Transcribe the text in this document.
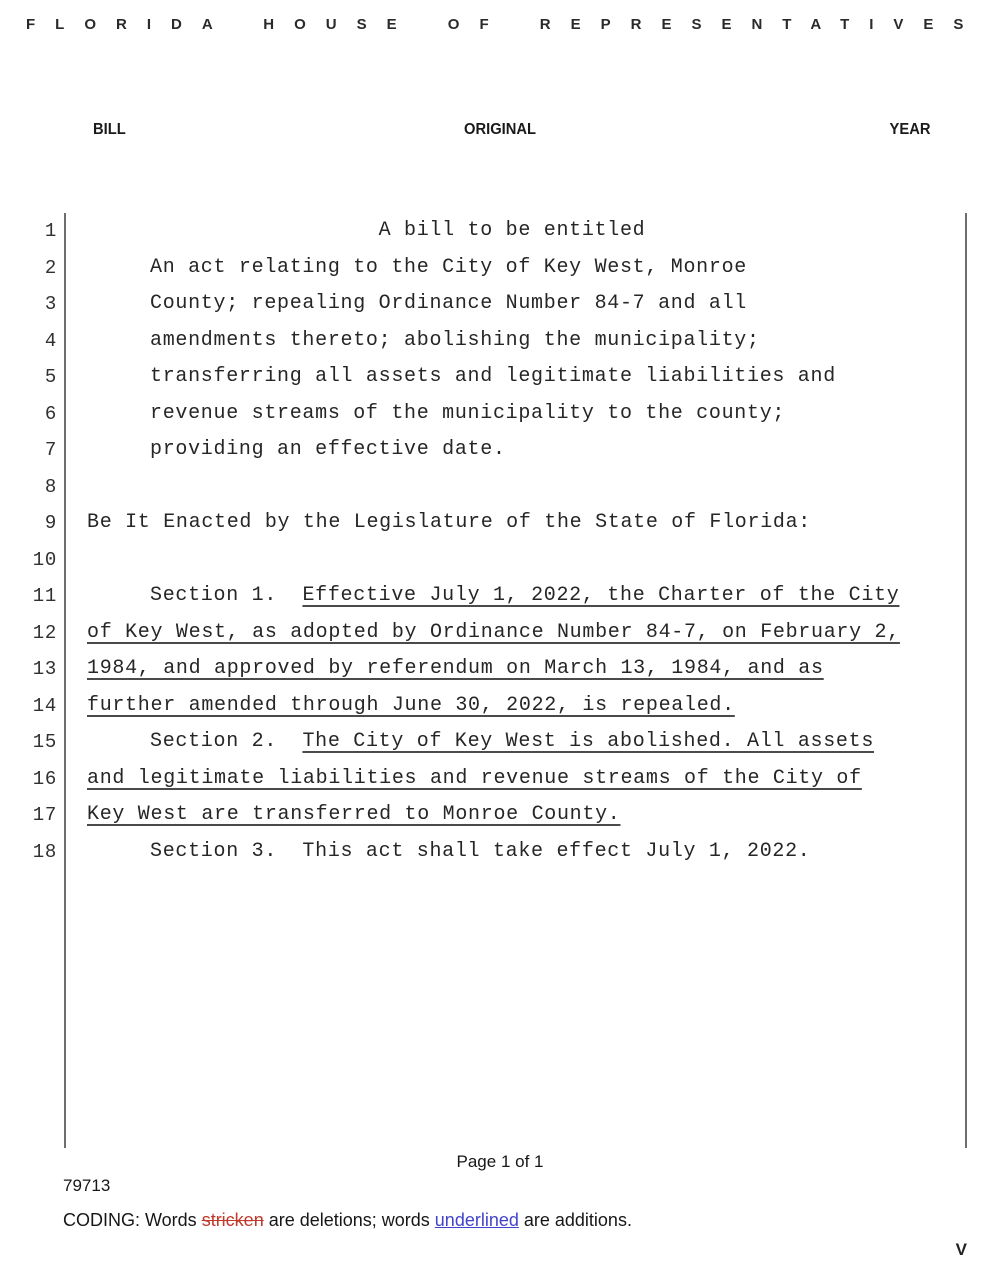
FLORIDA HOUSE OF REPRESENTATIVES
BILL	ORIGINAL	YEAR
1	A bill to be entitled
2	An act relating to the City of Key West, Monroe
3	County; repealing Ordinance Number 84-7 and all
4	amendments thereto; abolishing the municipality;
5	transferring all assets and legitimate liabilities and
6	revenue streams of the municipality to the county;
7	providing an effective date.
8
9	Be It Enacted by the Legislature of the State of Florida:
10
11	Section 1.  Effective July 1, 2022, the Charter of the City
12	of Key West, as adopted by Ordinance Number 84-7, on February 2,
13	1984, and approved by referendum on March 13, 1984, and as
14	further amended through June 30, 2022, is repealed.
15	Section 2.  The City of Key West is abolished. All assets
16	and legitimate liabilities and revenue streams of the City of
17	Key West are transferred to Monroe County.
18	Section 3.  This act shall take effect July 1, 2022.
Page 1 of 1
79713
CODING: Words stricken are deletions; words underlined are additions.
V
